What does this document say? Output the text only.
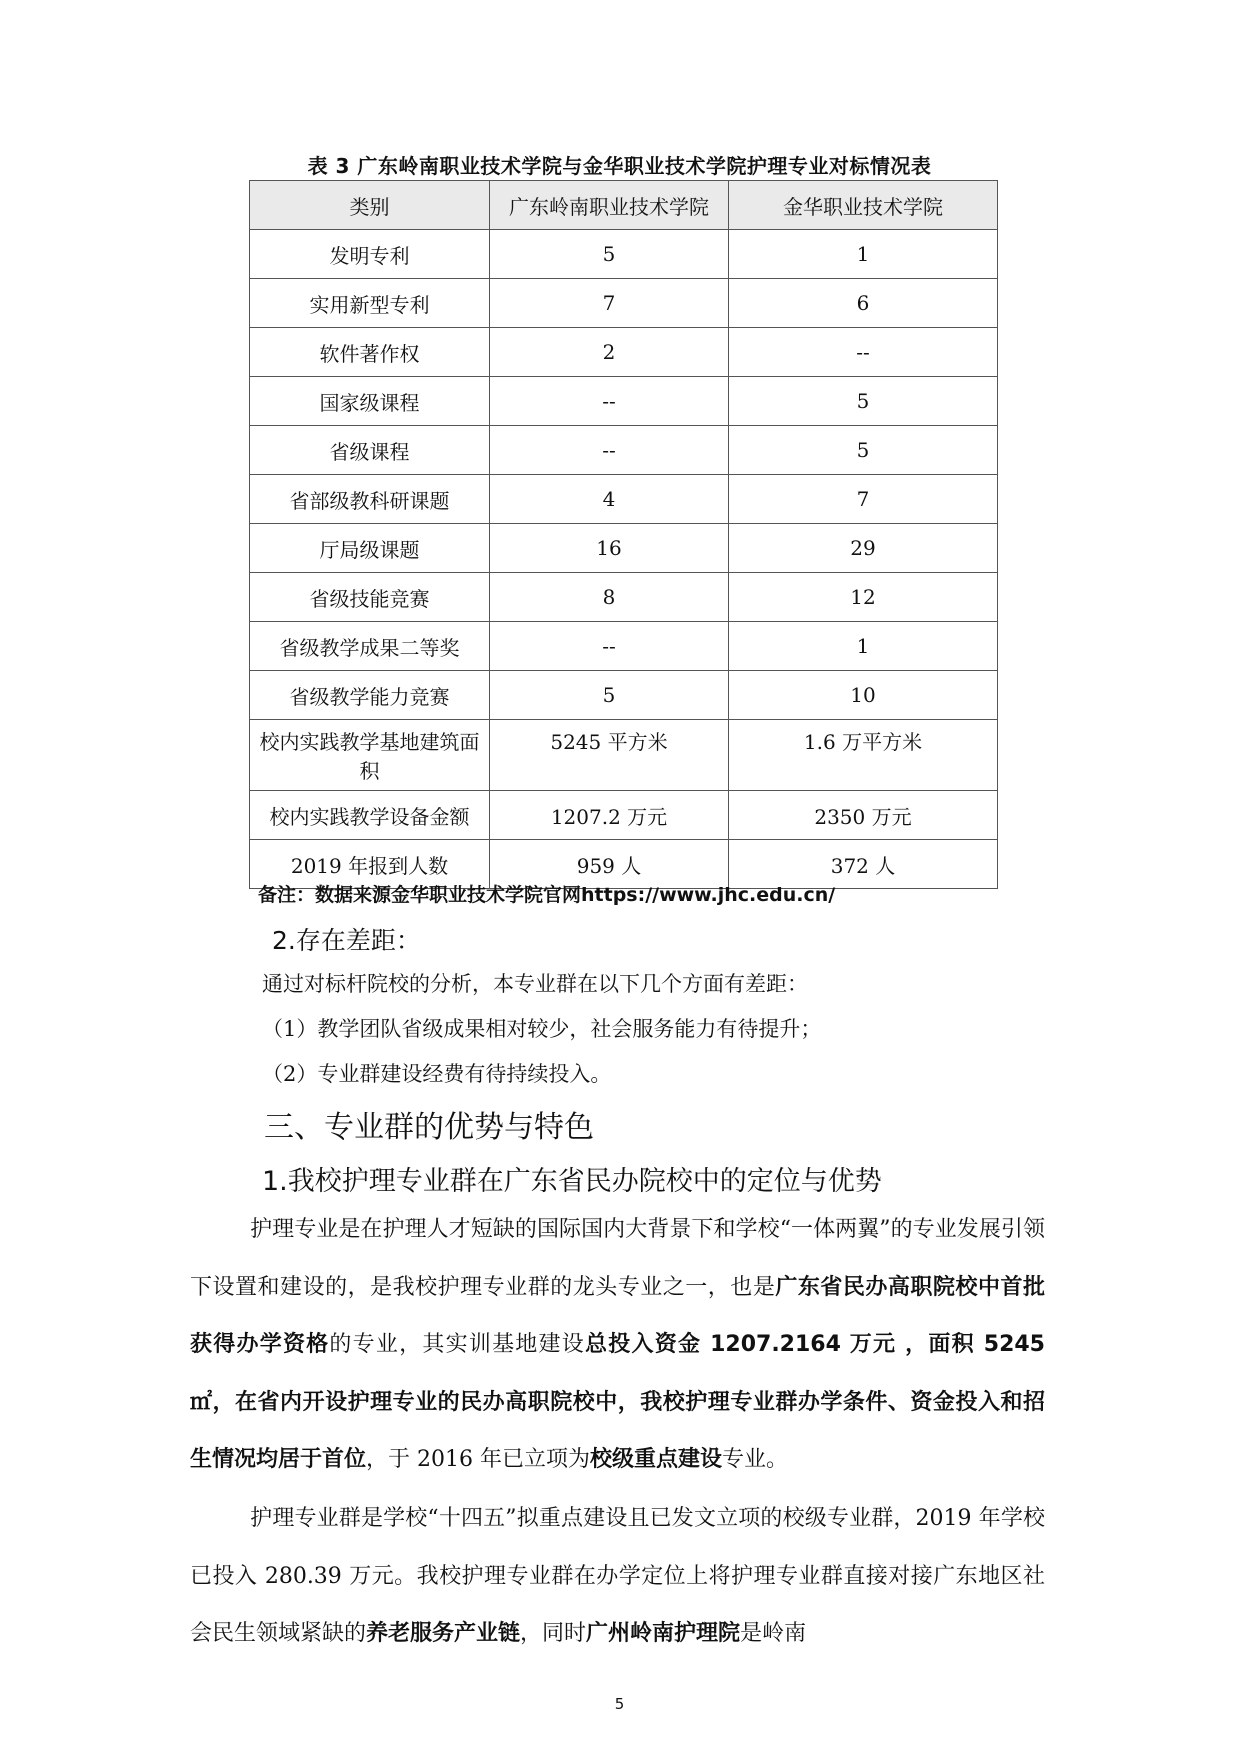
表 3 广东岭南职业技术学院与金华职业技术学院护理专业对标情况表
类别	广东岭南职业技术学院	金华职业技术学院
发明专利	5	1
实用新型专利	7	6
软件著作权	2	--
国家级课程	--	5
省级课程	--	5
省部级教科研课题	4	7
厅局级课题	16	29
省级技能竞赛	8	12
省级教学成果二等奖	--	1
省级教学能力竞赛	5	10
校内实践教学基地建筑面积	5245 平方米	1.6 万平方米
校内实践教学设备金额	1207.2 万元	2350 万元
2019 年报到人数	959 人	372 人
备注：数据来源金华职业技术学院官网https://www.jhc.edu.cn/
2.存在差距：
通过对标杆院校的分析，本专业群在以下几个方面有差距：
（1）教学团队省级成果相对较少，社会服务能力有待提升；
（2）专业群建设经费有待持续投入。
三、专业群的优势与特色
1.我校护理专业群在广东省民办院校中的定位与优势
护理专业是在护理人才短缺的国际国内大背景下和学校“一体两翼”的专业发展引领下设置和建设的，是我校护理专业群的龙头专业之一，也是广东省民办高职院校中首批获得办学资格的专业，其实训基地建设总投入资金 1207.2164 万元 ，面积 5245㎡，在省内开设护理专业的民办高职院校中，我校护理专业群办学条件、资金投入和招生情况均居于首位，于 2016 年已立项为校级重点建设专业。
护理专业群是学校“十四五”拟重点建设且已发文立项的校级专业群，2019 年学校已投入 280.39 万元。我校护理专业群在办学定位上将护理专业群直接对接广东地区社会民生领域紧缺的养老服务产业链，同时广州岭南护理院是岭南
5
